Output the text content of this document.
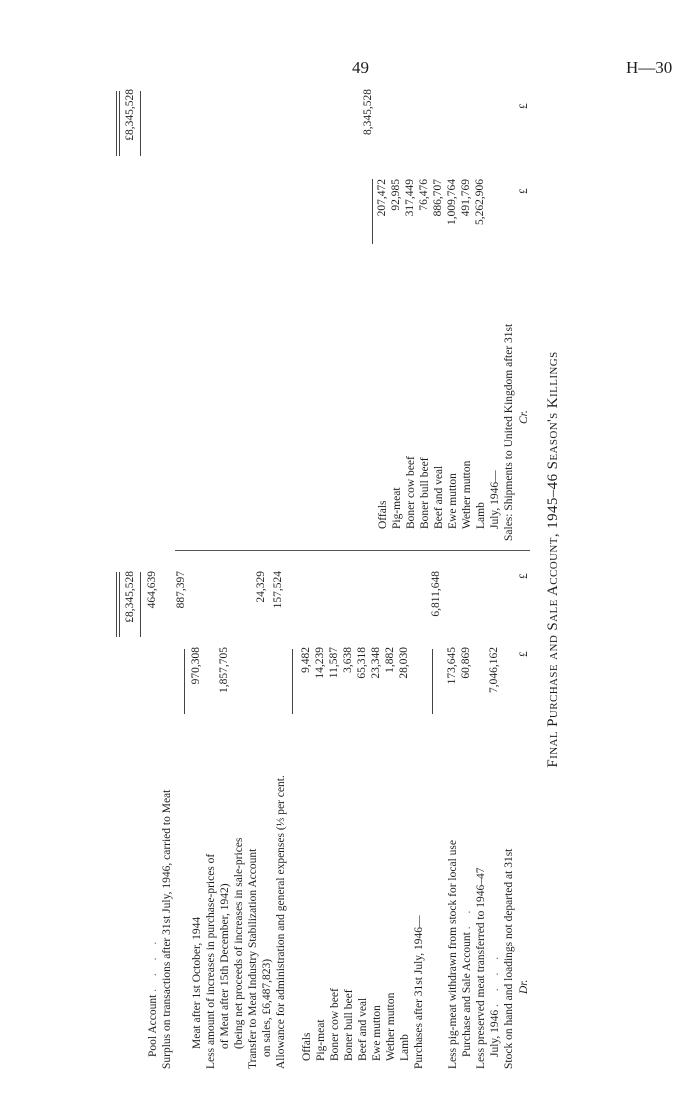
49	H—30
Final Purchase and Sale Account, 1945–46 Season's Killings
Dr.
£
£
Stock on hand and loadings not departed at 31st
July, 1946 . . . .
7,046,162
Less preserved meat transferred to 1946–47
Purchase and Sale Account . .
60,869
Less pig-meat withdrawn from stock for local use
173,645
6,811,648
Purchases after 31st July, 1946—
Lamb
28,030
Wether mutton
1,882
Ewe mutton
23,348
Beef and veal
65,318
Boner bull beef
3,638
Boner cow beef
11,587
Pig-meat
14,239
Offals
9,482
157,524
Allowance for administration and general expenses (⅓ per cent.
on sales, £6,487,823)
24,329
Transfer to Meat Industry Stabilization Account
(being net proceeds of increases in sale-prices
of Meat after 15th December, 1942)
1,857,705
Less amount of increases in purchase-prices of
Meat after 1st October, 1944
970,308
887,397
Surplus on transactions after 31st July, 1946, carried to Meat
Pool Account . . . .
464,639
£8,345,528
Cr.
£
£
Sales: Shipments to United Kingdom after 31st
July, 1946—
Lamb
5,262,906
Wether mutton
491,769
Ewe mutton
1,009,764
Beef and veal
886,707
Boner bull beef
76,476
Boner cow beef
317,449
Pig-meat
92,985
Offals
207,472
8,345,528
£8,345,528
